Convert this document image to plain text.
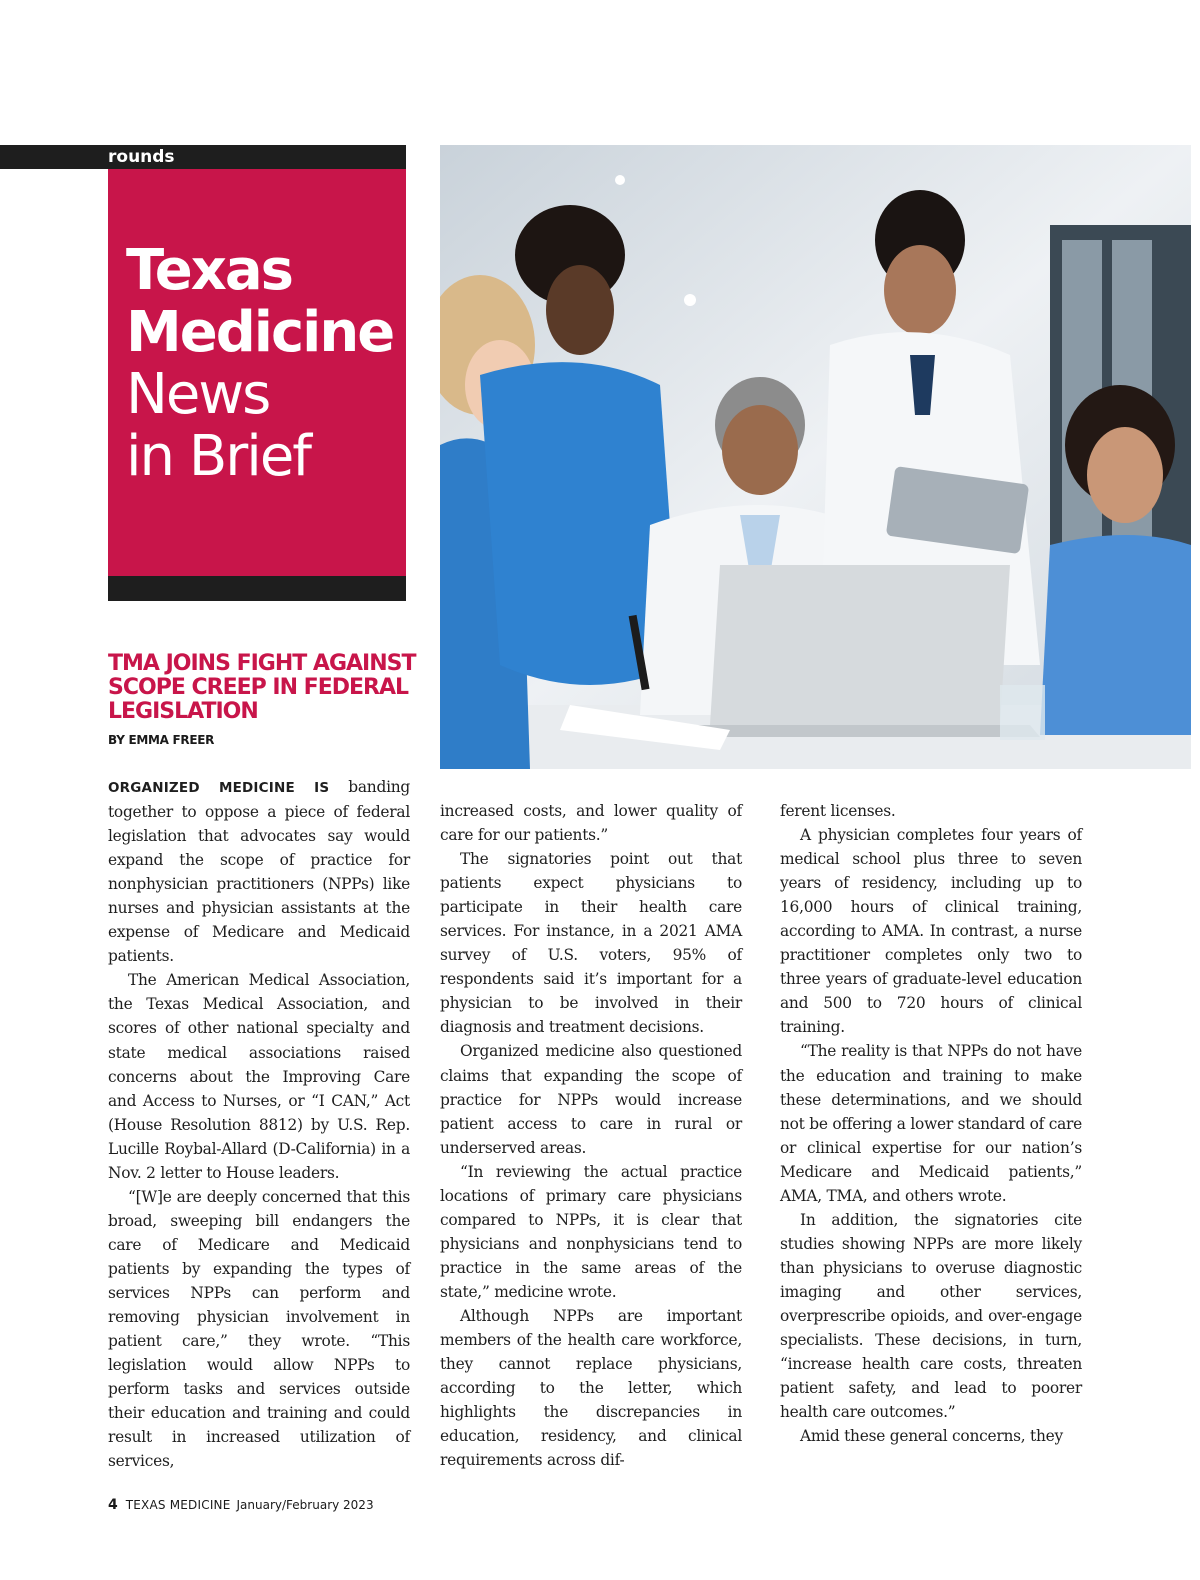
rounds
Texas
Medicine
News
in Brief
TMA JOINS FIGHT AGAINST SCOPE CREEP IN FEDERAL LEGISLATION
BY EMMA FREER

ORGANIZED MEDICINE IS banding together to oppose a piece of federal legislation that advocates say would expand the scope of practice for nonphysician practitioners (NPPs) like nurses and physician assistants at the expense of Medicare and Medicaid patients.

The American Medical Association, the Texas Medical Association, and scores of other national specialty and state medical associations raised concerns about the Improving Care and Access to Nurses, or “I CAN,” Act (House Resolution 8812) by U.S. Rep. Lucille Roybal-Allard (D-California) in a Nov. 2 letter to House leaders.

“[W]e are deeply concerned that this broad, sweeping bill endangers the care of Medicare and Medicaid patients by expanding the types of services NPPs can perform and removing physician involvement in patient care,” they wrote. “This legislation would allow NPPs to perform tasks and services outside their education and training and could result in increased utilization of services,

increased costs, and lower quality of care for our patients.”

The signatories point out that patients expect physicians to participate in their health care services. For instance, in a 2021 AMA survey of U.S. voters, 95% of respondents said it’s important for a physician to be involved in their diagnosis and treatment decisions.

Organized medicine also questioned claims that expanding the scope of practice for NPPs would increase patient access to care in rural or underserved areas.

“In reviewing the actual practice locations of primary care physicians compared to NPPs, it is clear that physicians and nonphysicians tend to practice in the same areas of the state,” medicine wrote.

Although NPPs are important members of the health care workforce, they cannot replace physicians, according to the letter, which highlights the discrepancies in education, residency, and clinical requirements across dif-

ferent licenses.

A physician completes four years of medical school plus three to seven years of residency, including up to 16,000 hours of clinical training, according to AMA. In contrast, a nurse practitioner completes only two to three years of graduate-level education and 500 to 720 hours of clinical training.

“The reality is that NPPs do not have the education and training to make these determinations, and we should not be offering a lower standard of care or clinical expertise for our nation’s Medicare and Medicaid patients,” AMA, TMA, and others wrote.

In addition, the signatories cite studies showing NPPs are more likely than physicians to overuse diagnostic imaging and other services, overprescribe opioids, and over-engage specialists. These decisions, in turn, “increase health care costs, threaten patient safety, and lead to poorer health care outcomes.”

Amid these general concerns, they

4 TEXAS MEDICINE January/February 2023
